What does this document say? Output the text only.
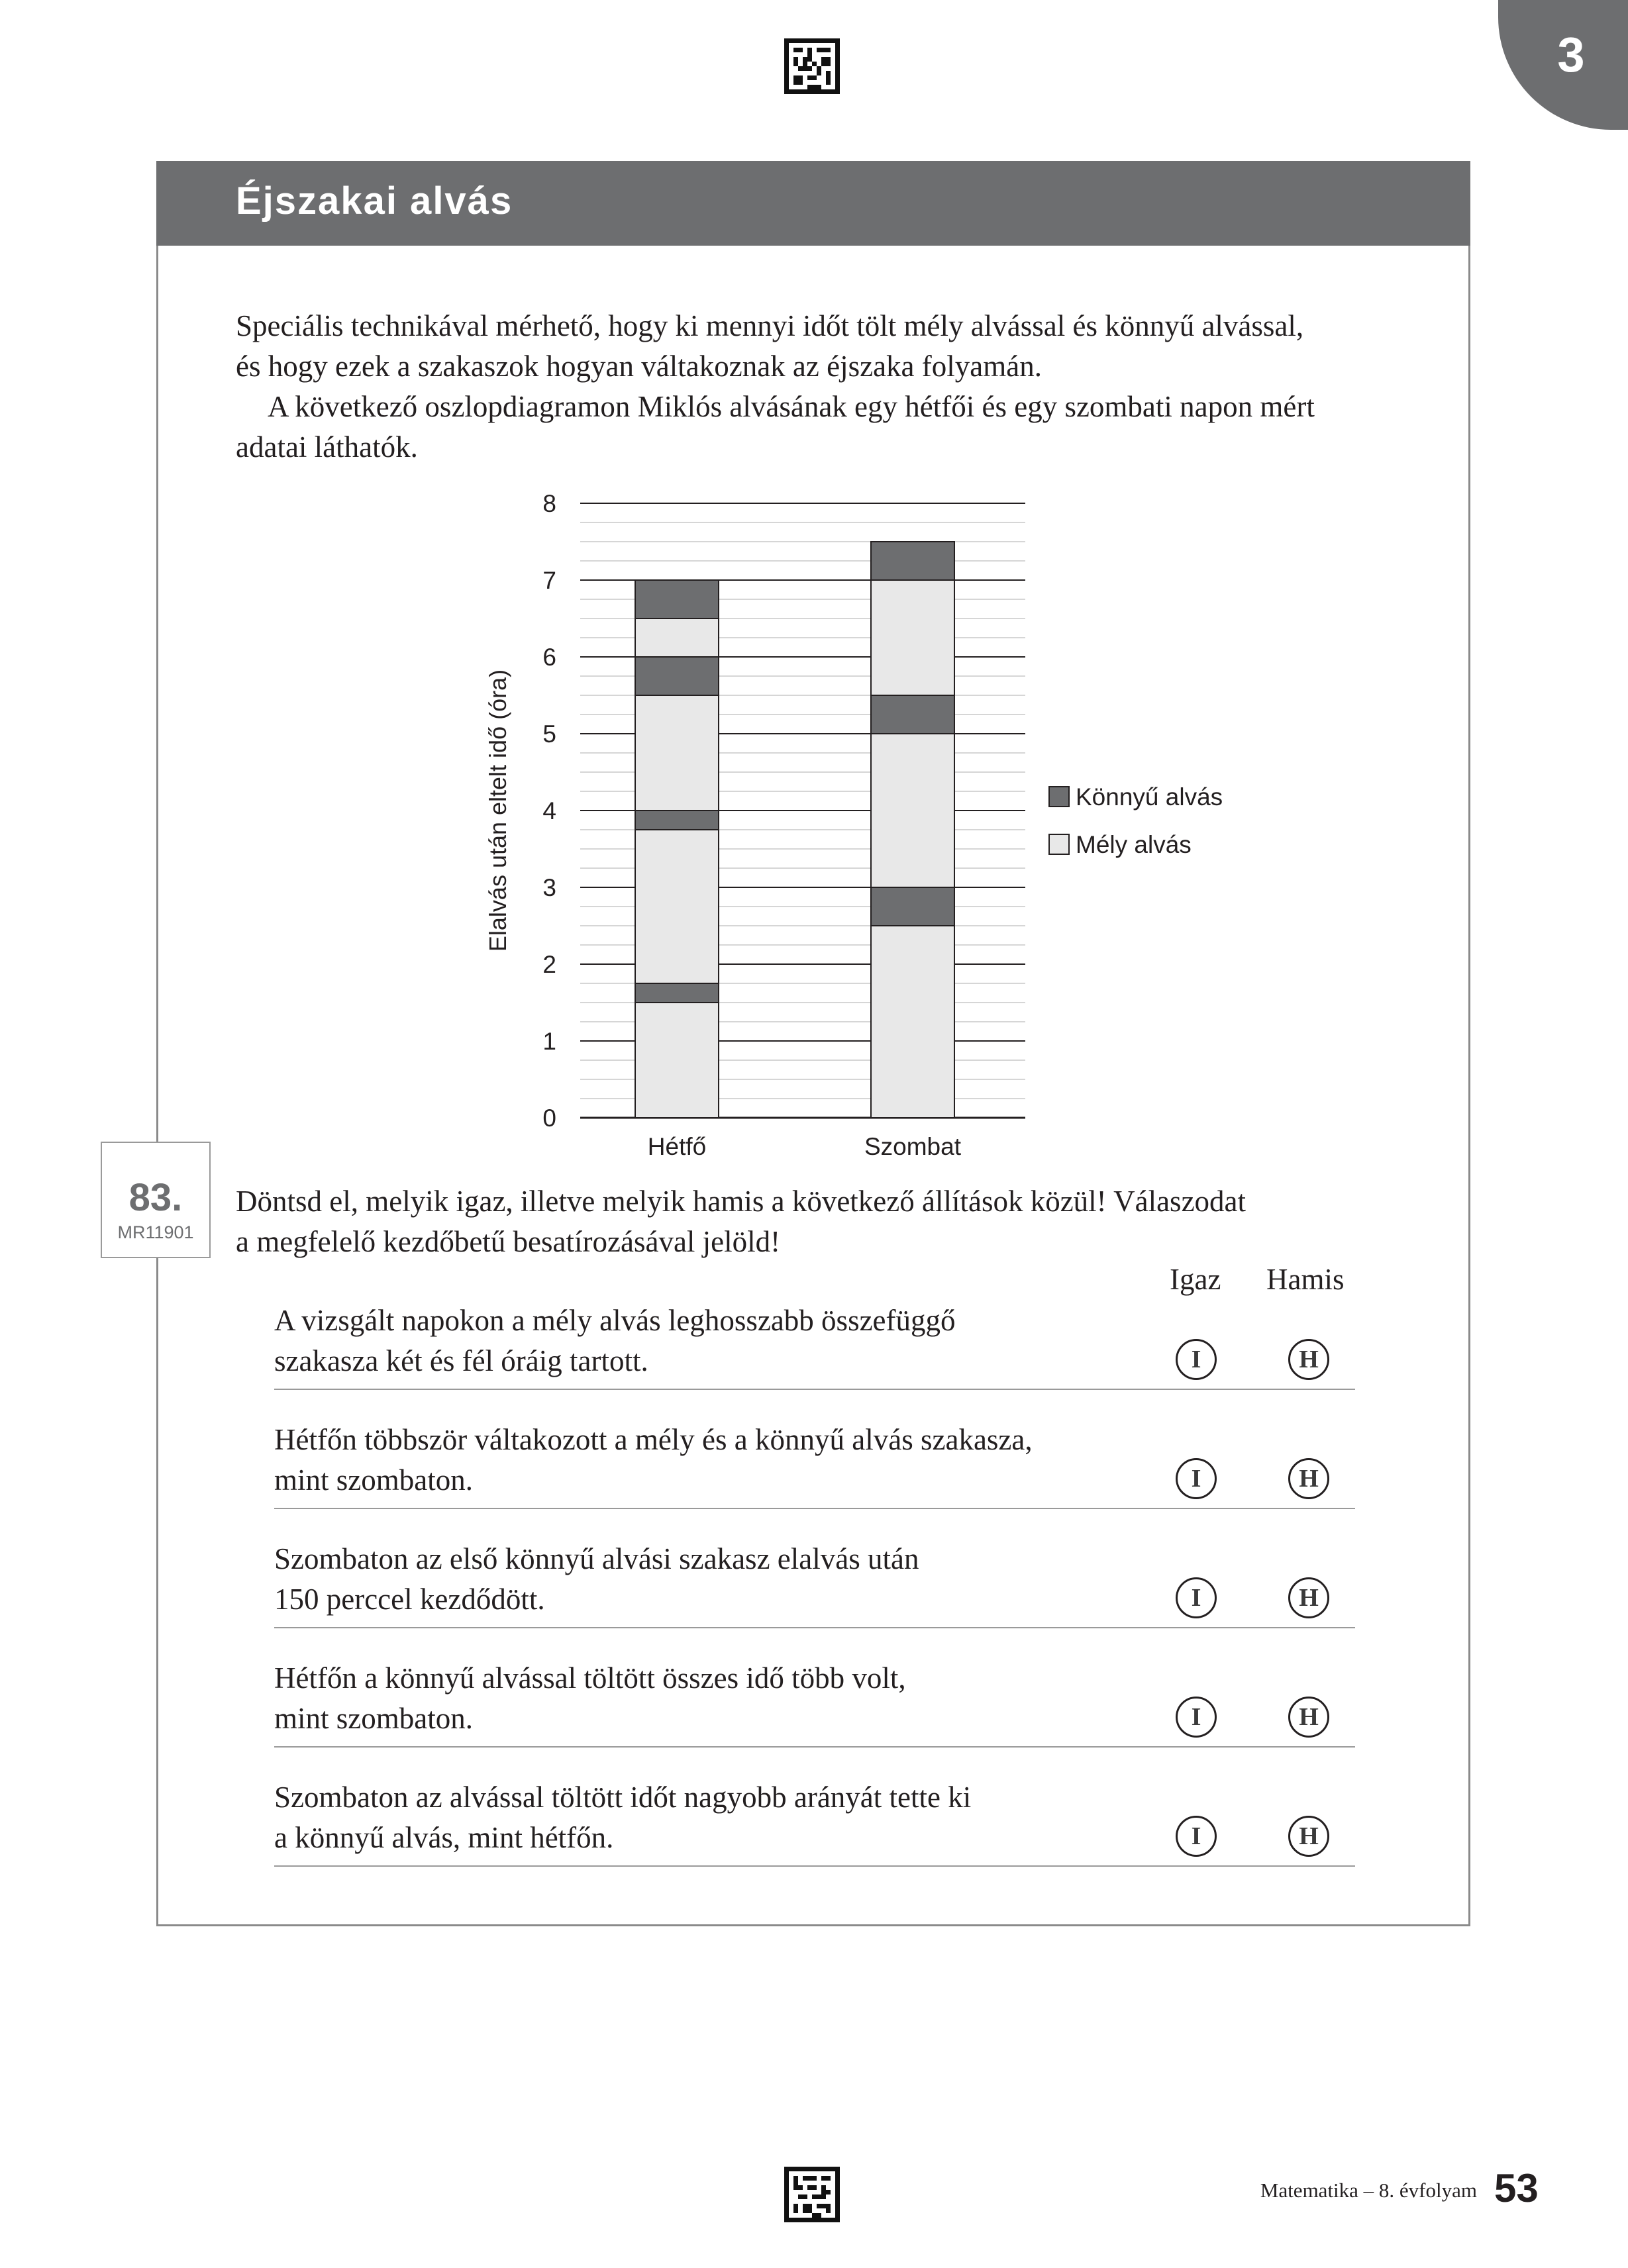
3
Éjszakai alvás
Speciális technikával mérhető, hogy ki mennyi időt tölt mély alvással és könnyű alvással,
és hogy ezek a szakaszok hogyan váltakoznak az éjszaka folyamán.
A következő oszlopdiagramon Miklós alvásának egy hétfői és egy szombati napon mért
adatai láthatók.
0
1
2
3
4
5
6
7
8
Elalvás után eltelt idő (óra)
Hétfő	Szombat
Könnyű alvás
Mély alvás
83.
MR11901
Döntsd el, melyik igaz, illetve melyik hamis a következő állítások közül! Válaszodat
a megfelelő kezdőbetű besatírozásával jelöld!
Igaz Hamis
A vizsgált napokon a mély alvás leghosszabb összefüggő
szakasza két és fél óráig tartott.	I	H
Hétfőn többször váltakozott a mély és a könnyű alvás szakasza,
mint szombaton.	I	H
Szombaton az első könnyű alvási szakasz elalvás után
150 perccel kezdődött.	I	H
Hétfőn a könnyű alvással töltött összes idő több volt,
mint szombaton.	I	H
Szombaton az alvással töltött időt nagyobb arányát tette ki
a könnyű alvás, mint hétfőn.	I	H
Matematika – 8. évfolyam 53
